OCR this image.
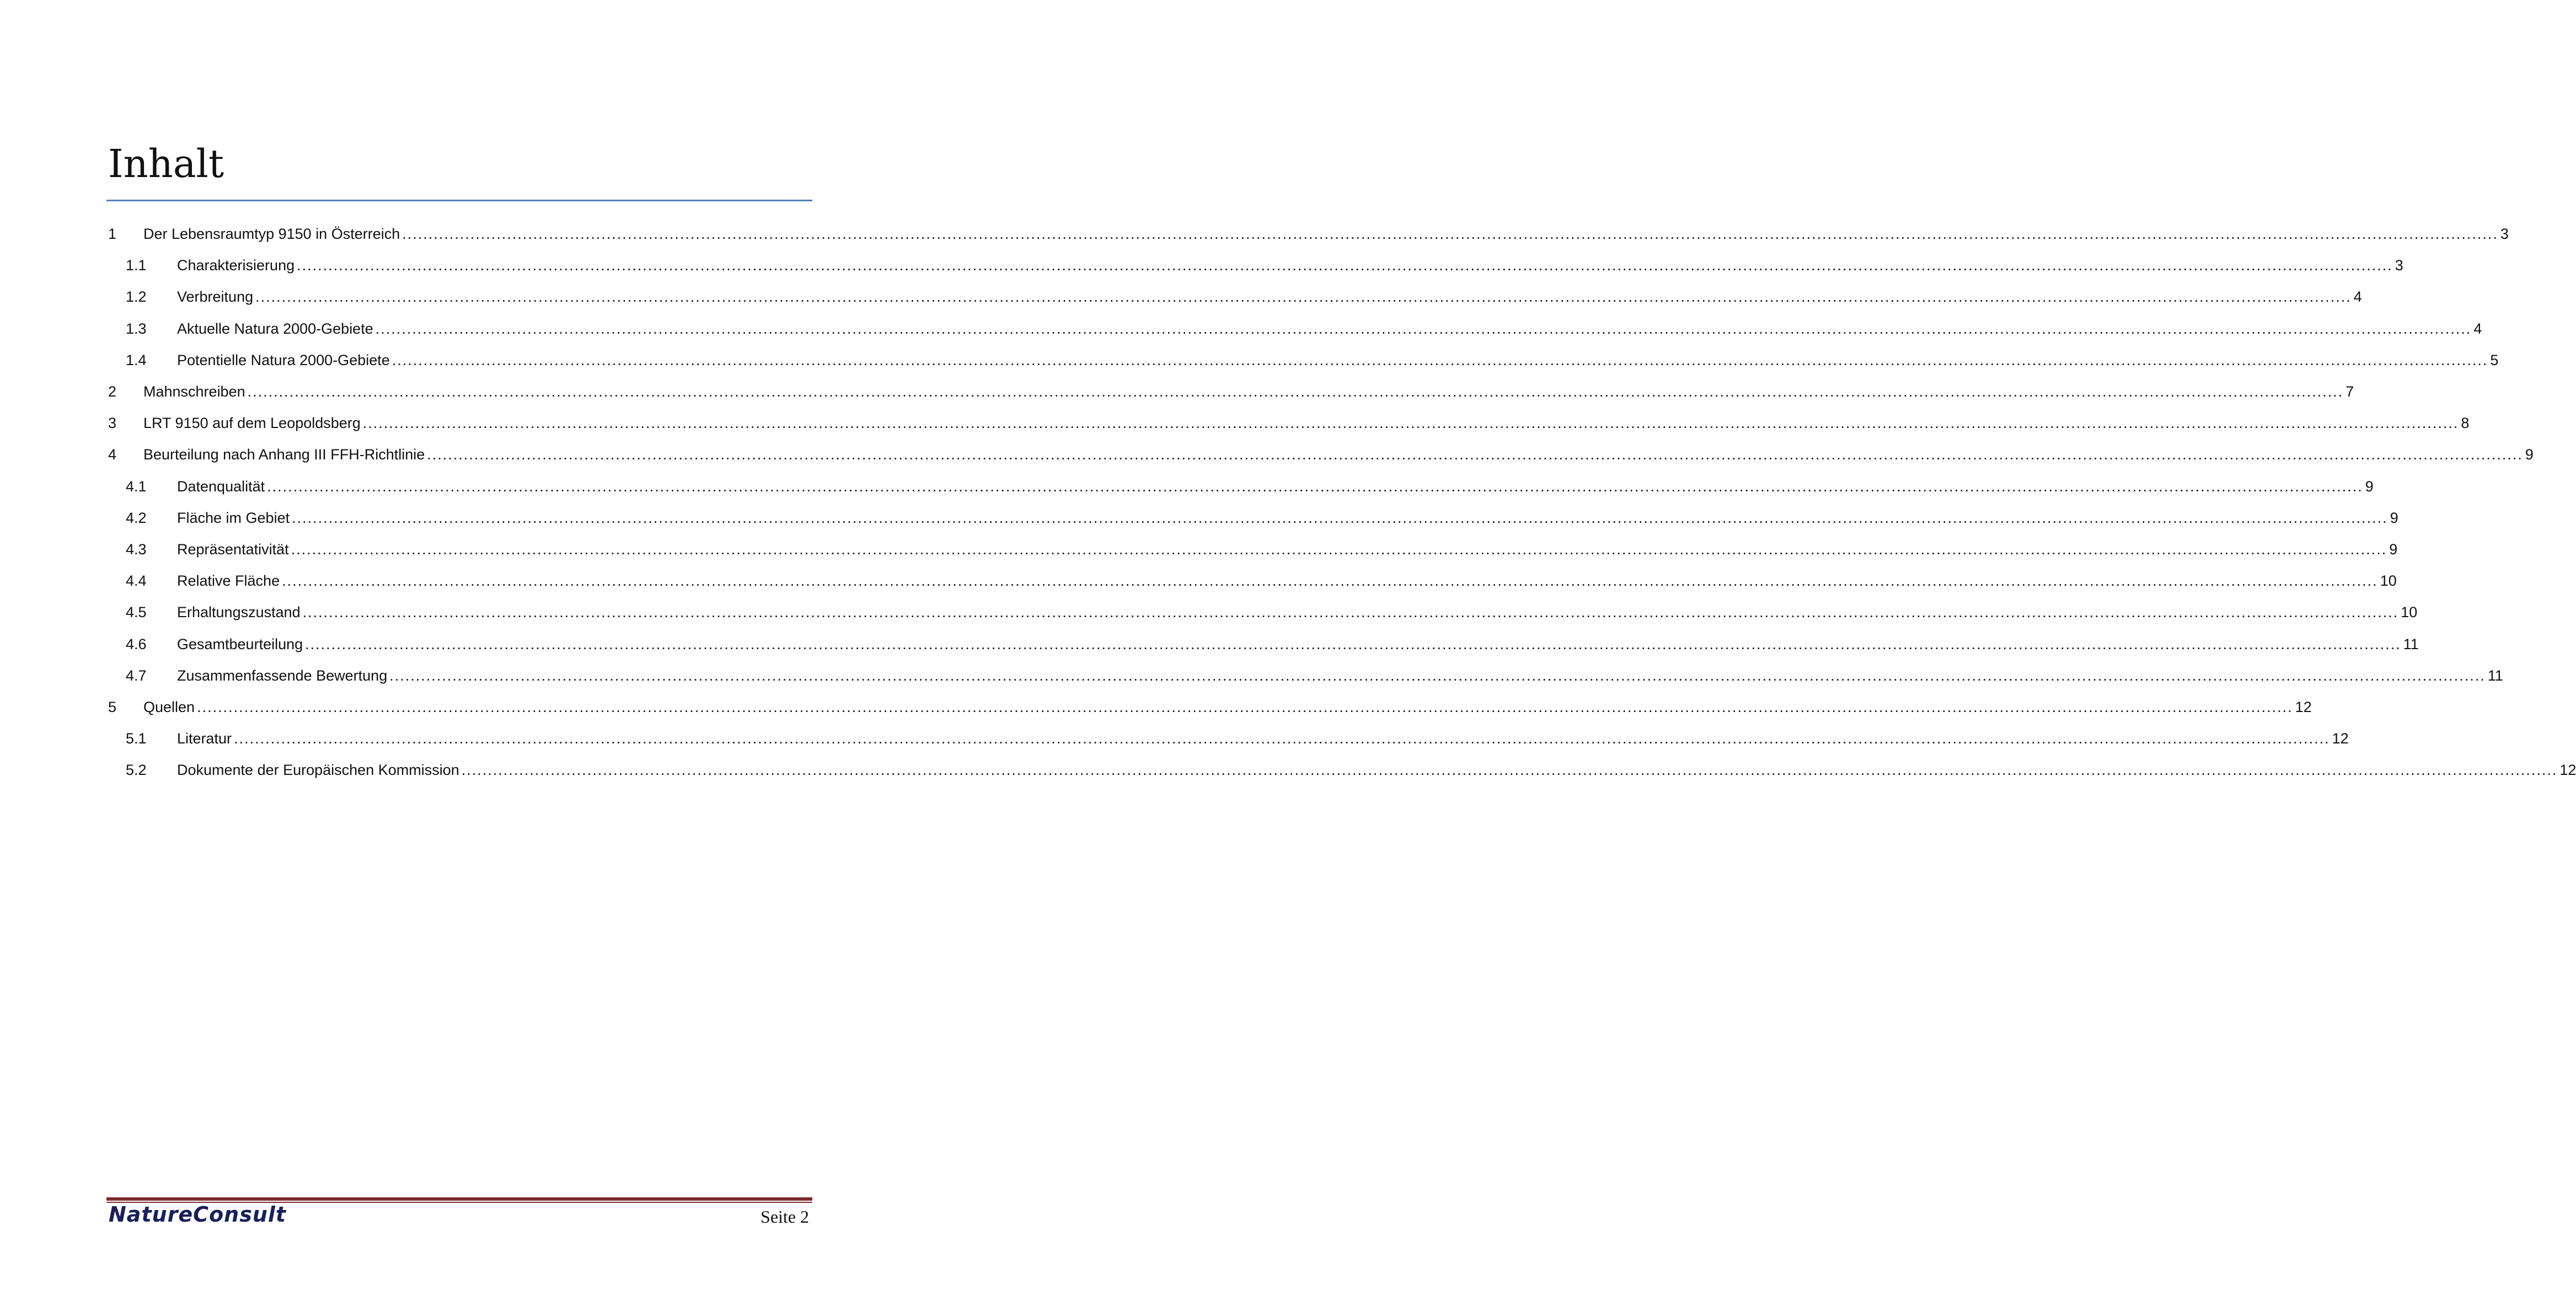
Inhalt
1	Der Lebensraumtyp 9150 in Österreich ................................................................................................................................................................................................................................................................................................................................................................................................................ 3
1.1	Charakterisierung ................................................................................................................................................................................................................................................................................................................................................................................................................ 3
1.2	Verbreitung ................................................................................................................................................................................................................................................................................................................................................................................................................ 4
1.3	Aktuelle Natura 2000-Gebiete ................................................................................................................................................................................................................................................................................................................................................................................................................ 4
1.4	Potentielle Natura 2000-Gebiete ................................................................................................................................................................................................................................................................................................................................................................................................................ 5
2	Mahnschreiben ................................................................................................................................................................................................................................................................................................................................................................................................................ 7
3	LRT 9150 auf dem Leopoldsberg ................................................................................................................................................................................................................................................................................................................................................................................................................ 8
4	Beurteilung nach Anhang III FFH-Richtlinie ................................................................................................................................................................................................................................................................................................................................................................................................................ 9
4.1	Datenqualität ................................................................................................................................................................................................................................................................................................................................................................................................................ 9
4.2	Fläche im Gebiet ................................................................................................................................................................................................................................................................................................................................................................................................................ 9
4.3	Repräsentativität ................................................................................................................................................................................................................................................................................................................................................................................................................ 9
4.4	Relative Fläche ................................................................................................................................................................................................................................................................................................................................................................................................................ 10
4.5	Erhaltungszustand ................................................................................................................................................................................................................................................................................................................................................................................................................ 10
4.6	Gesamtbeurteilung ................................................................................................................................................................................................................................................................................................................................................................................................................ 11
4.7	Zusammenfassende Bewertung ................................................................................................................................................................................................................................................................................................................................................................................................................ 11
5	Quellen ................................................................................................................................................................................................................................................................................................................................................................................................................ 12
5.1	Literatur ................................................................................................................................................................................................................................................................................................................................................................................................................ 12
5.2	Dokumente der Europäischen Kommission ................................................................................................................................................................................................................................................................................................................................................................................................................ 12
NatureConsult	Seite 2
